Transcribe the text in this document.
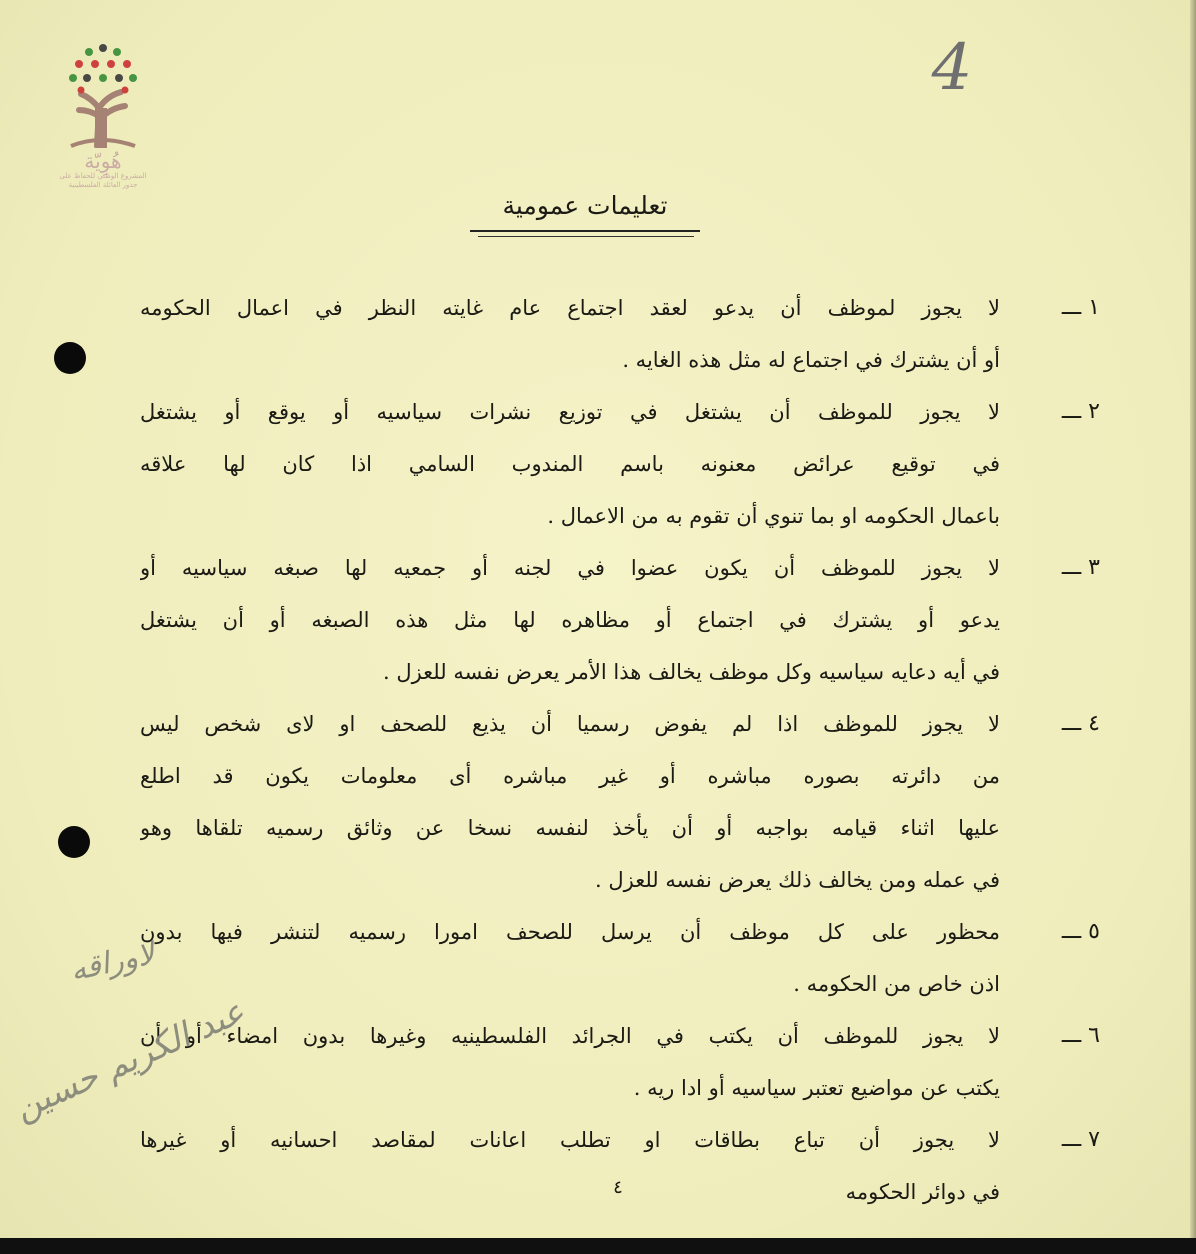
هُوِيّة
المشروع الوطني للحفاظ على
جذور العائلة الفلسطينية
4
تعليمات عمومية
١ ـــ
لا يجوز لموظف أن يدعو لعقد اجتماع عام غايته النظر في اعمال الحكومه
أو أن يشترك في اجتماع له مثل هذه الغايه .
٢ ـــ
لا يجوز للموظف أن يشتغل في توزيع نشرات سياسيه أو يوقع أو يشتغل
في توقيع عرائض معنونه باسم المندوب السامي اذا كان لها علاقه
باعمال الحكومه او بما تنوي أن تقوم به من الاعمال .
٣ ـــ
لا يجوز للموظف أن يكون عضوا في لجنه أو جمعيه لها صبغه سياسيه أو
يدعو أو يشترك في اجتماع أو مظاهره لها مثل هذه الصبغه أو أن يشتغل
في أيه دعايه سياسيه وكل موظف يخالف هذا الأمر يعرض نفسه للعزل .
٤ ـــ
لا يجوز للموظف اذا لم يفوض رسميا أن يذيع للصحف او لاى شخص ليس
من دائرته بصوره مباشره أو غير مباشره أى معلومات يكون قد اطلع
عليها اثناء قيامه بواجبه أو أن يأخذ لنفسه نسخا عن وثائق رسميه تلقاها وهو
في عمله ومن يخالف ذلك يعرض نفسه للعزل .
٥ ـــ
محظور على كل موظف أن يرسل للصحف امورا رسميه لتنشر فيها بدون
اذن خاص من الحكومه .
٦ ـــ
لا يجوز للموظف أن يكتب في الجرائد الفلسطينيه وغيرها بدون امضاء أو أن
يكتب عن مواضيع تعتبر سياسيه أو ادا ريه .
٧ ـــ
لا يجوز أن تباع بطاقات او تطلب اعانات لمقاصد احسانيه أو غيرها
في دوائر الحكومه
لاوراقه
عبد الكريم حسين
٤
